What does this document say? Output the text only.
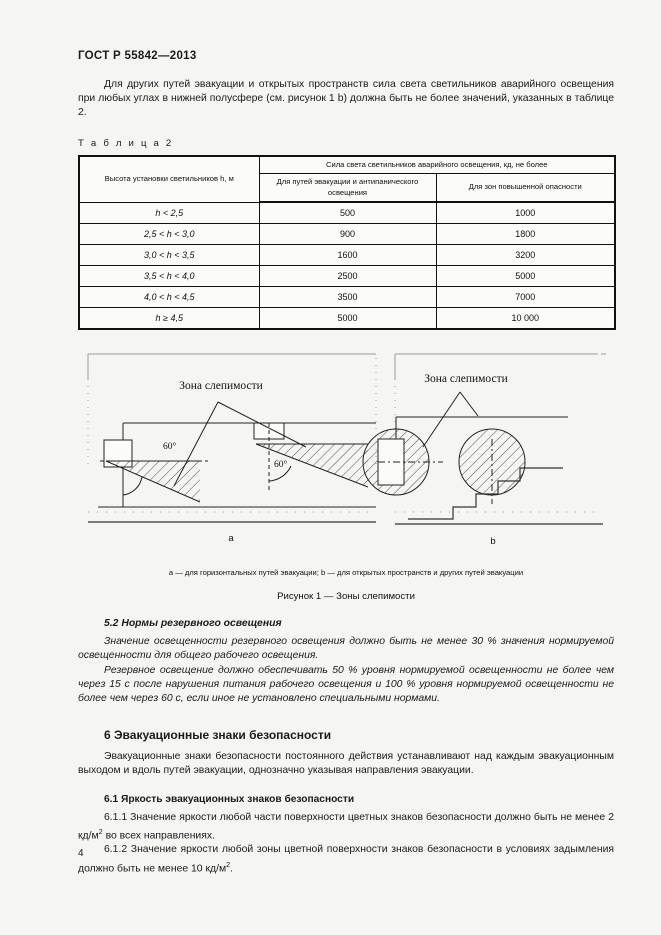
ГОСТ Р 55842—2013

Для других путей эвакуации и открытых пространств сила света светильников аварийного освещения при любых углах в нижней полусфере (см. рисунок 1 b) должна быть не более значений, указанных в таблице 2.

Т а б л и ц а 2
Высота установки светильников h, м	Сила света светильников аварийного освещения, кд, не более	
	Для путей эвакуации и антипанического освещения	Для зон повышенной опасности
h < 2,5	500	1000
2,5 < h < 3,0	900	1800
3,0 < h < 3,5	1600	3200
3,5 < h < 4,0	2500	5000
4,0 < h < 4,5	3500	7000
h ≥ 4,5	5000	10 000
Зона слепимости
60°
60°
a
Зона слепимости
b
a — для горизонтальных путей эвакуации; b — для открытых пространств и других путей эвакуации
Рисунок 1 — Зоны слепимости
5.2 Нормы резервного освещения

Значение освещенности резервного освещения должно быть не менее 30 % значения нормируемой освещенности для общего рабочего освещения.

Резервное освещение должно обеспечивать 50 % уровня нормируемой освещенности не более чем через 15 с после нарушения питания рабочего освещения и 100 % уровня нормируемой освещенности не более чем через 60 с, если иное не установлено специальными нормами.

6 Эвакуационные знаки безопасности

Эвакуационные знаки безопасности постоянного действия устанавливают над каждым эвакуационным выходом и вдоль путей эвакуации, однозначно указывая направления эвакуации.

6.1 Яркость эвакуационных знаков безопасности

6.1.1 Значение яркости любой части поверхности цветных знаков безопасности должно быть не менее 2 $кд/м^2$ во всех направлениях.

6.1.2 Значение яркости любой зоны цветной поверхности знаков безопасности в условиях задымления должно быть не менее 10 $кд/м^2$.

4
